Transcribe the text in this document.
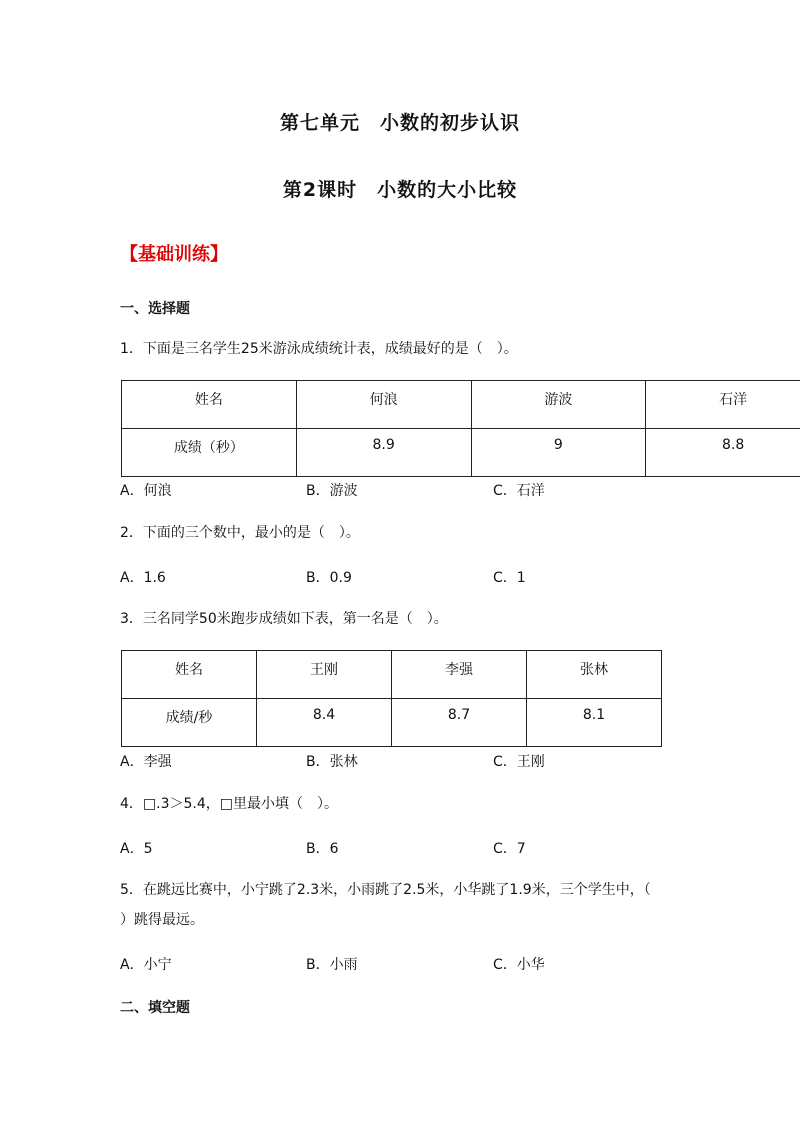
第七单元　小数的初步认识
第2课时　小数的大小比较
【基础训练】
一、选择题
1．下面是三名学生25米游泳成绩统计表，成绩最好的是（　）。
姓名	何浪	游波	石洋
成绩（秒）	8.9	9	8.8
A．何浪	B．游波	C．石洋
2．下面的三个数中，最小的是（　）。
A．1.6	B．0.9	C．1
3．三名同学50米跑步成绩如下表，第一名是（　）。
姓名	王刚	李强	张林
成绩/秒	8.4	8.7	8.1
A．李强	B．张林	C．王刚
4．□.3＞5.4，□里最小填（　）。
A．5	B．6	C．7
5．在跳远比赛中，小宁跳了2.3米，小雨跳了2.5米，小华跳了1.9米，三个学生中，（
）跳得最远。
A．小宁	B．小雨	C．小华
二、填空题
